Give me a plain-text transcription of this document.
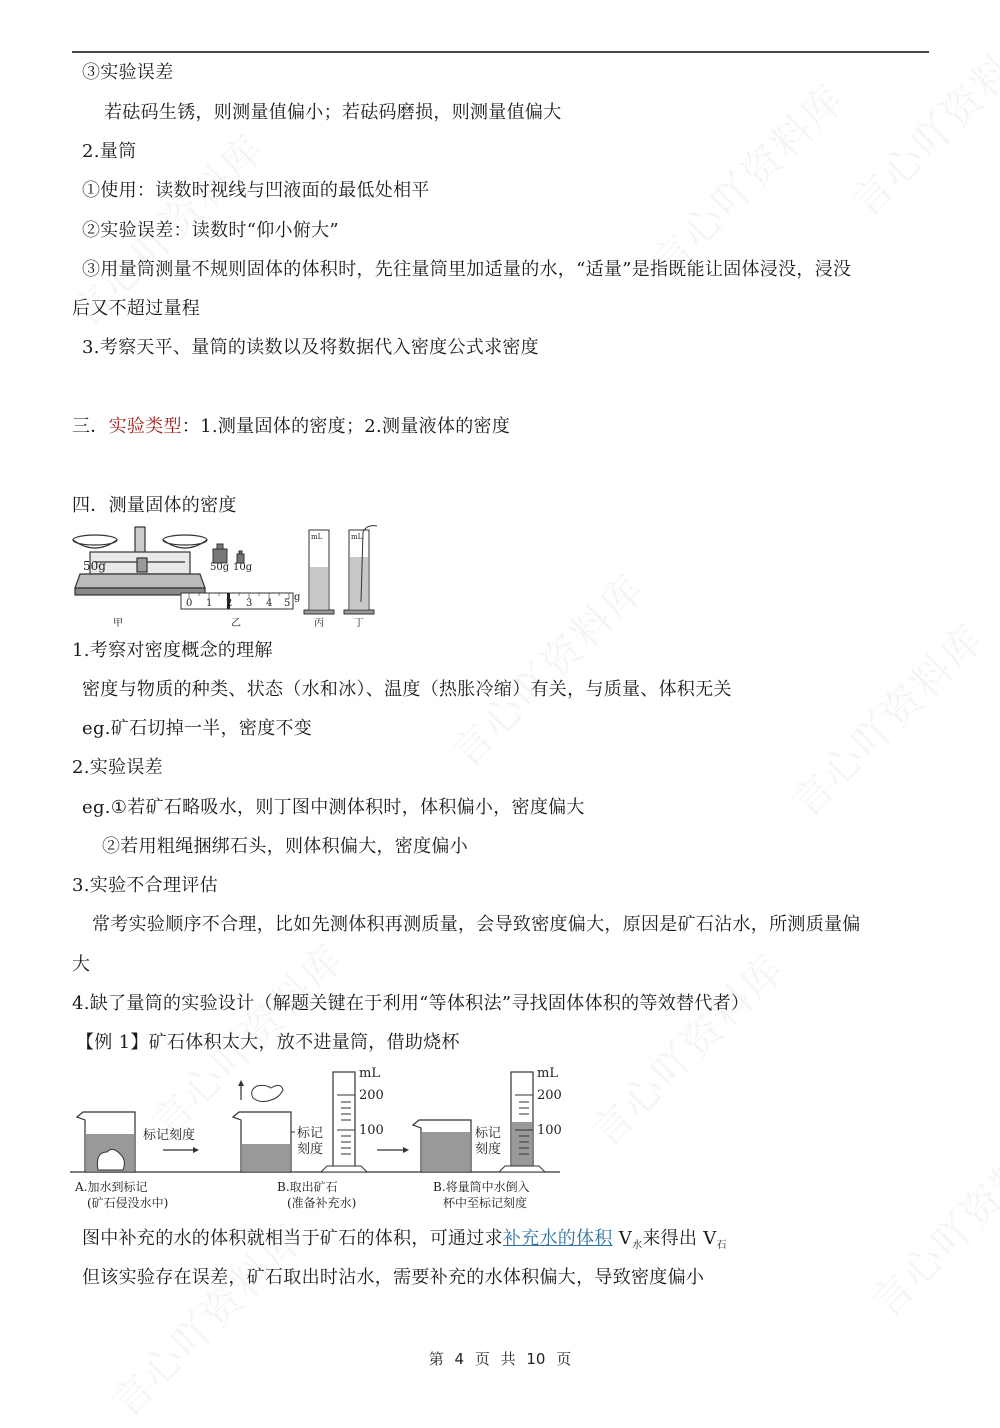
③实验误差
若砝码生锈，则测量值偏小；若砝码磨损，则测量值偏大
2.量筒
①使用：读数时视线与凹液面的最低处相平
②实验误差：读数时“仰小俯大”
③用量筒测量不规则固体的体积时，先往量筒里加适量的水，“适量”是指既能让固体浸没，浸没
后又不超过量程
3.考察天平、量筒的读数以及将数据代入密度公式求密度
三．实验类型：1.测量固体的密度；2.测量液体的密度
四．测量固体的密度
50g	50g 10g
0 1 2 3 4 5
g
mL	mL
甲	乙	丙	丁
1.考察对密度概念的理解
密度与物质的种类、状态（水和冰）、温度（热胀冷缩）有关，与质量、体积无关
eg.矿石切掉一半，密度不变
2.实验误差
eg.①若矿石略吸水，则丁图中测体积时，体积偏小，密度偏大
②若用粗绳捆绑石头，则体积偏大，密度偏小
3.实验不合理评估
常考实验顺序不合理，比如先测体积再测质量，会导致密度偏大，原因是矿石沾水，所测质量偏
大
4.缺了量筒的实验设计（解题关键在于利用“等体积法”寻找固体体积的等效替代者）
【例 1】矿石体积太大，放不进量筒，借助烧杯
标记刻度	标记
刻度
mL
200
100	标记
刻度
mL
200
100
A.加水到标记
(矿石侵没水中)
B.取出矿石
(准备补充水)
B.将量筒中水倒入
杯中至标记刻度
图中补充的水的体积就相当于矿石的体积，可通过求补充水的体积 $V_水$来得出 $V_石$
但该实验存在误差，矿石取出时沾水，需要补充的水体积偏大，导致密度偏小
第 4 页 共 10 页
